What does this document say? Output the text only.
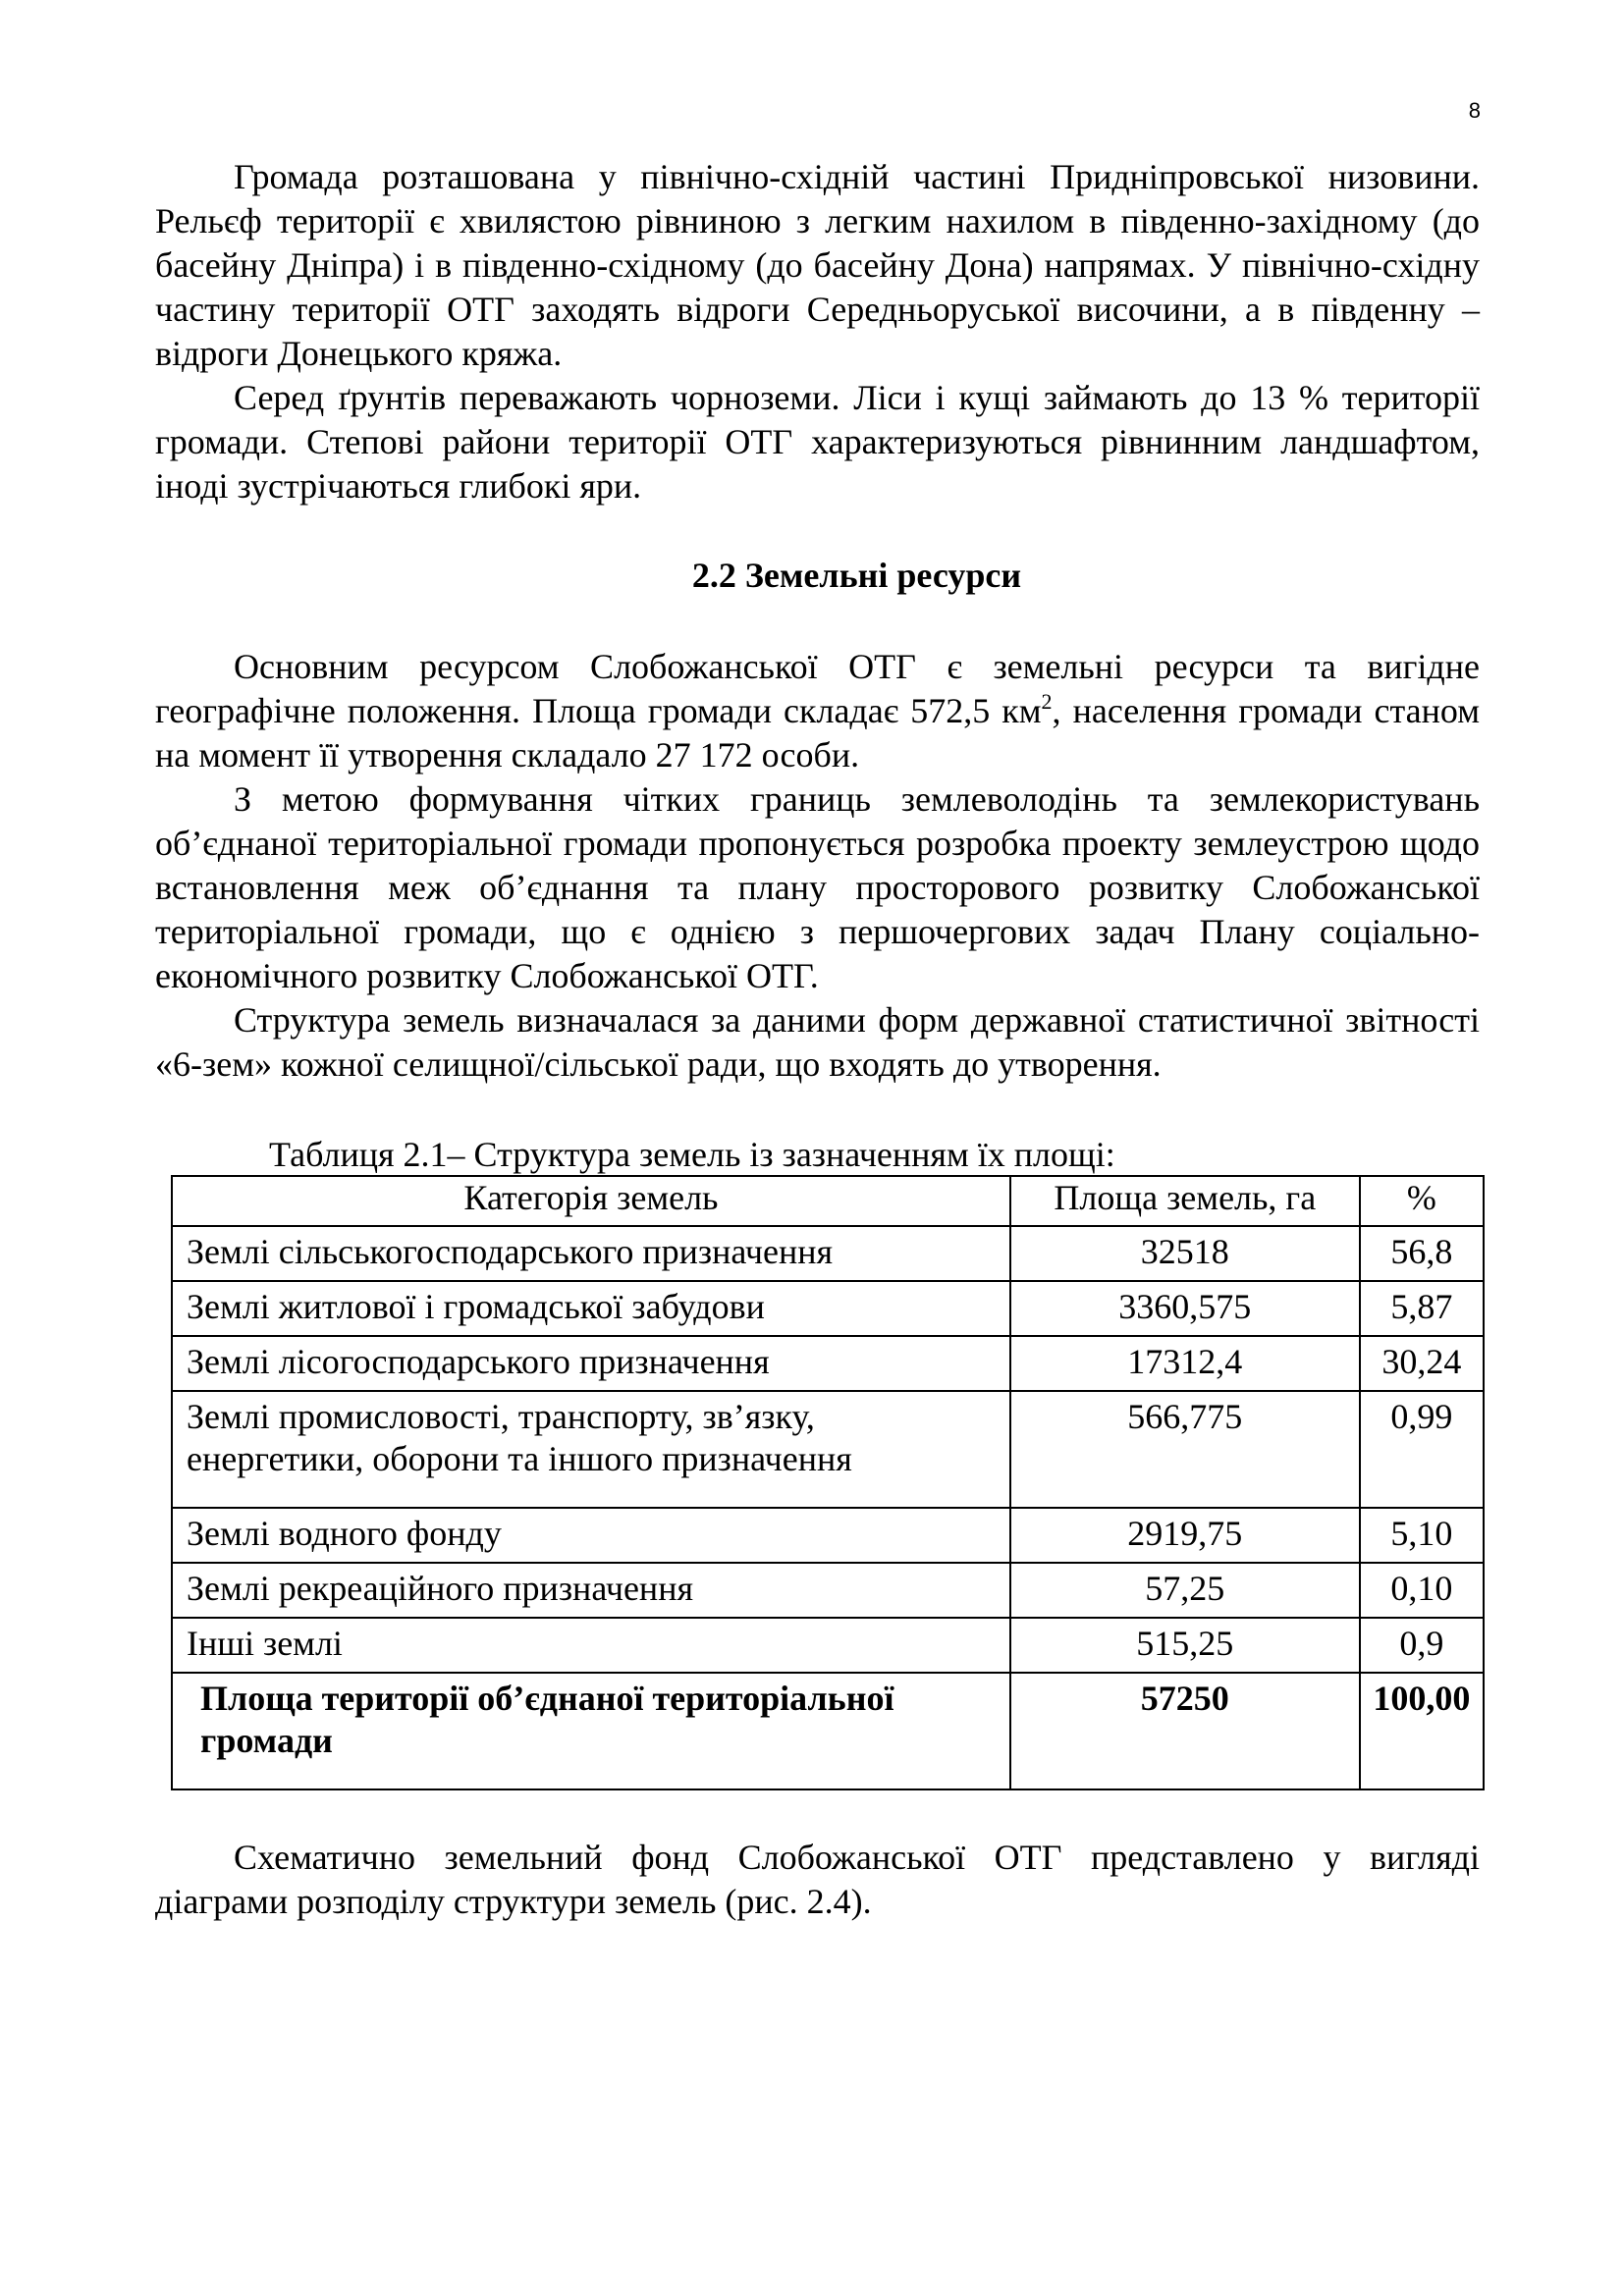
8

Громада розташована у північно-східній частині Придніпровської низовини. Рельєф території є хвилястою рівниною з легким нахилом в південно-західному (до басейну Дніпра) і в південно-східному (до басейну Дона) напрямах. У північно-східну частину території ОТГ заходять відроги Середньоруської височини, а в південну – відроги Донецького кряжа.

Серед ґрунтів переважають чорноземи. Ліси і кущі займають до 13 % території громади. Степові райони території ОТГ характеризуються рівнинним ландшафтом, іноді зустрічаються глибокі яри.

2.2 Земельні ресурси

Основним ресурсом Слобожанської ОТГ є земельні ресурси та вигідне географічне положення. Площа громади складає 572,5 $км^2$, населення громади станом на момент її утворення складало 27 172 особи.

З метою формування чітких границь землеволодінь та землекористувань об’єднаної територіальної громади пропонується розробка проекту землеустрою щодо встановлення меж об’єднання та плану просторового розвитку Слобожанської територіальної громади, що є однією з першочергових задач Плану соціально-економічного розвитку Слобожанської ОТГ.

Структура земель визначалася за даними форм державної статистичної звітності «6-зем» кожної селищної/сільської ради, що входять до утворення.

Таблиця 2.1– Структура земель із зазначенням їх площі:

Категорія земель	Площа земель, га	%
Землі сільськогосподарського призначення	32518	56,8
Землі житлової і громадської забудови	3360,575	5,87
Землі лісогосподарського призначення	17312,4	30,24
Землі промисловості, транспорту, зв’язку, енергетики, оборони та іншого призначення	566,775	0,99
Землі водного фонду	2919,75	5,10
Землі рекреаційного призначення	57,25	0,10
Інші землі	515,25	0,9
Площа території об’єднаної територіальної громади	57250	100,00

Схематично земельний фонд Слобожанської ОТГ представлено у вигляді діаграми розподілу структури земель (рис. 2.4).
